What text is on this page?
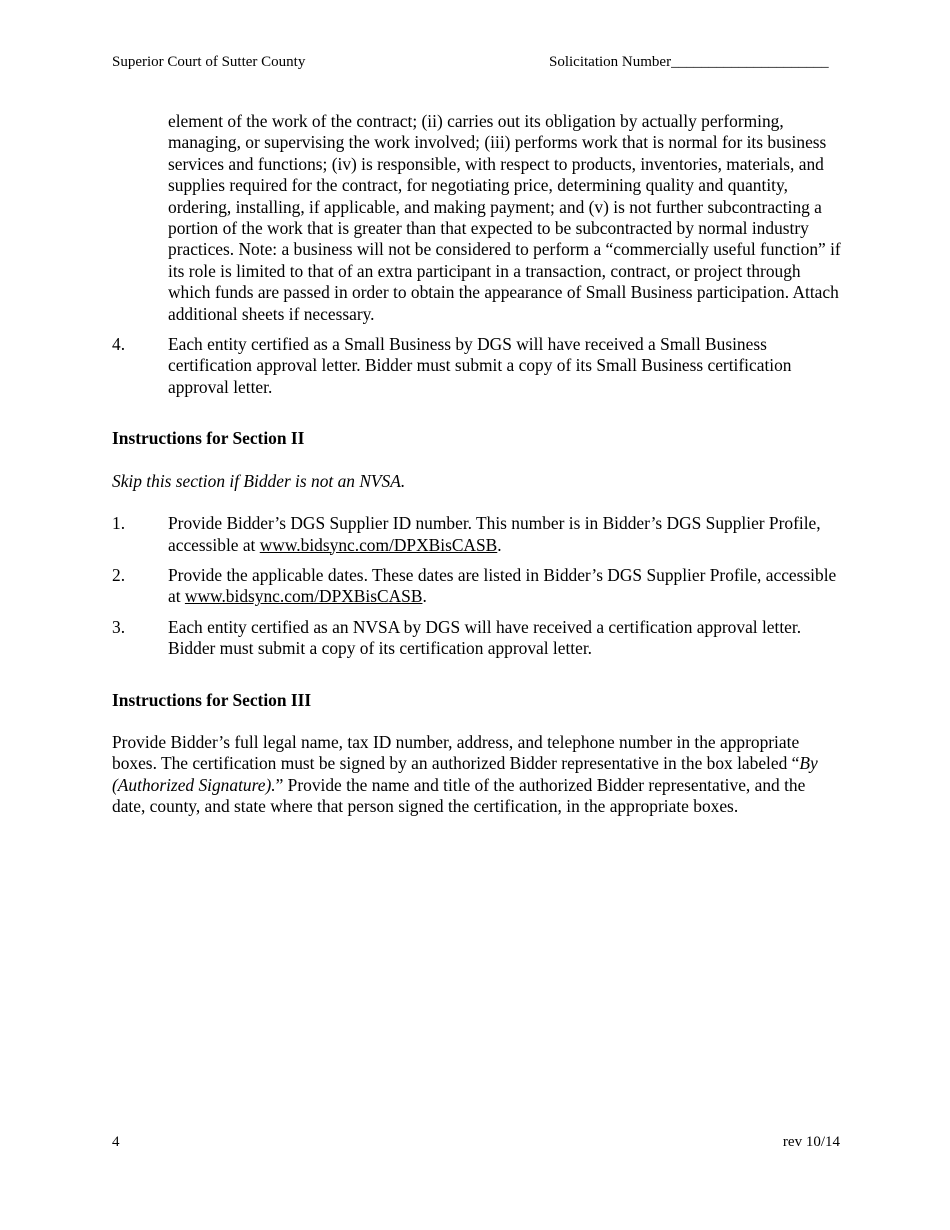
Superior Court of Sutter County	Solicitation Number_____________________

element of the work of the contract; (ii) carries out its obligation by actually performing, managing, or supervising the work involved; (iii) performs work that is normal for its business services and functions; (iv) is responsible, with respect to products, inventories, materials, and supplies required for the contract, for negotiating price, determining quality and quantity, ordering, installing, if applicable, and making payment; and (v) is not further subcontracting a portion of the work that is greater than that expected to be subcontracted by normal industry practices. Note: a business will not be considered to perform a “commercially useful function” if its role is limited to that of an extra participant in a transaction, contract, or project through which funds are passed in order to obtain the appearance of Small Business participation. Attach additional sheets if necessary.

4.	Each entity certified as a Small Business by DGS will have received a Small Business certification approval letter. Bidder must submit a copy of its Small Business certification approval letter.
Instructions for Section II
Skip this section if Bidder is not an NVSA.
1.	Provide Bidder’s DGS Supplier ID number. This number is in Bidder’s DGS Supplier Profile, accessible at www.bidsync.com/DPXBisCASB.
2.	Provide the applicable dates. These dates are listed in Bidder’s DGS Supplier Profile, accessible at www.bidsync.com/DPXBisCASB.
3.	Each entity certified as an NVSA by DGS will have received a certification approval letter. Bidder must submit a copy of its certification approval letter.
Instructions for Section III

Provide Bidder’s full legal name, tax ID number, address, and telephone number in the appropriate boxes. The certification must be signed by an authorized Bidder representative in the box labeled “By (Authorized Signature).” Provide the name and title of the authorized Bidder representative, and the date, county, and state where that person signed the certification, in the appropriate boxes.

4	rev 10/14
